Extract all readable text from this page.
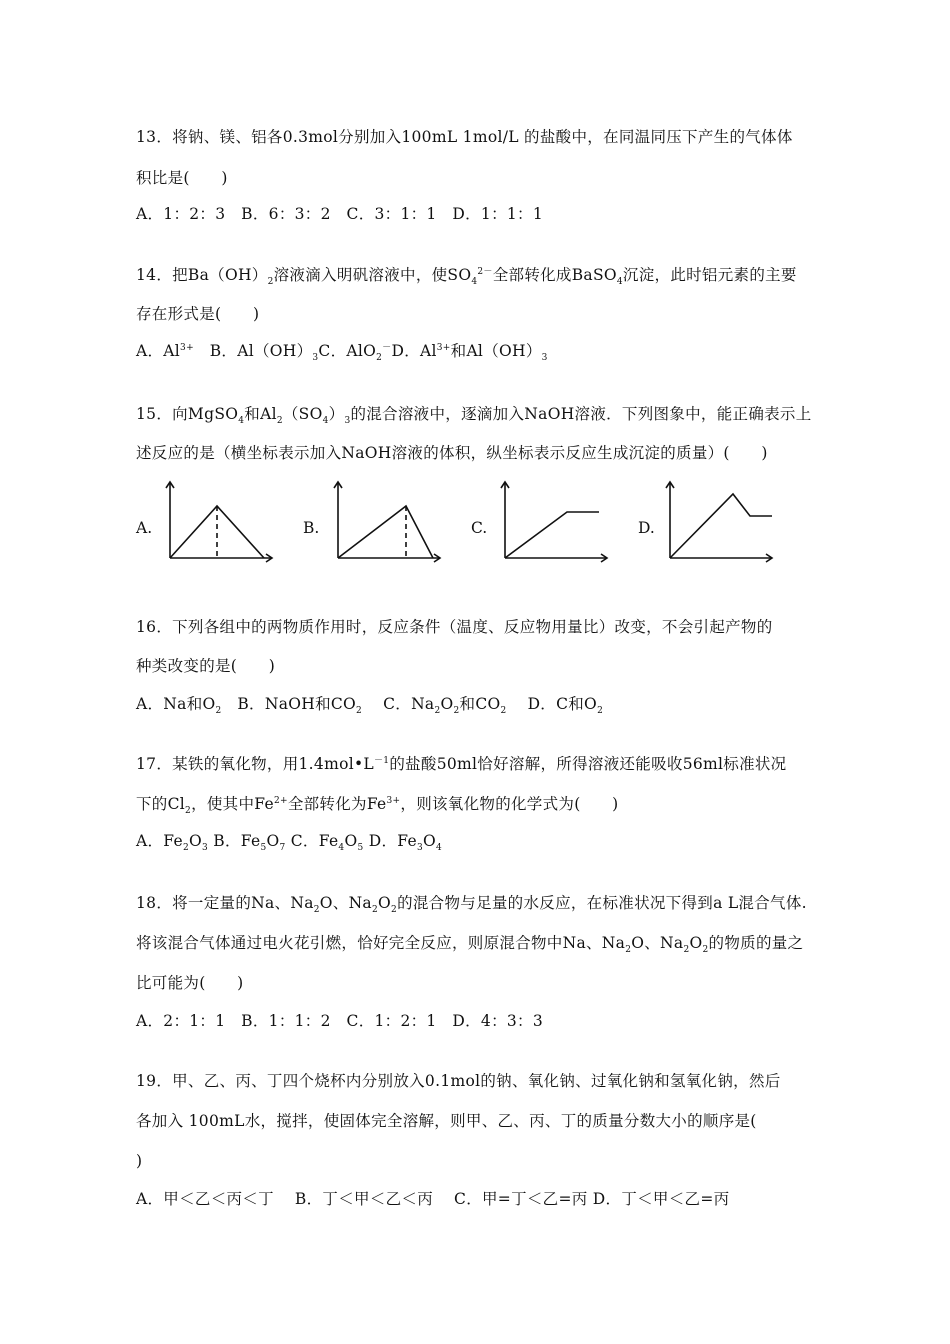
13．将钠、镁、铝各0.3mol分别加入100mL 1mol/L 的盐酸中，在同温同压下产生的气体体
积比是(　　)
A．1：2：3　B．6：3：2　C．3：1：1　D．1：1：1
14．把$Ba(OH)_2$溶液滴入明矾溶液中，使$SO_4^{2-}$全部转化成BaSO$_4$沉淀，此时铝元素的主要
存在形式是(　　)
A．$Al^{3+}$　B．$Al(OH)_3C$．AlO$_2$－D．$Al^{3+}$和$Al(OH)_3$
15．向MgSO$_4$和$Al_2(SO_4)_3$的混合溶液中，逐滴加入NaOH溶液．下列图象中，能正确表示上
述反应的是（横坐标表示加入NaOH溶液的体积，纵坐标表示反应生成沉淀的质量）(　　)
A.	B.	C.	D.
16．下列各组中的两物质作用时，反应条件（温度、反应物用量比）改变，不会引起产物的
种类改变的是(　　)
A．Na和$O_2$　B．NaOH和$CO_2$　 C．$Na_2O_2$和$CO_2$　 D．C和$O_2$
17．某铁的氧化物，用$1.4mol•L^{-1}$的盐酸50ml恰好溶解，所得溶液还能吸收56ml标准状况
下的$Cl_2$，使其中$Fe^{2+}$全部转化为$Fe^{3+}$，则该氧化物的化学式为(　　)
A．$Fe_2O_3$ B．$Fe_5O_7$ C．$Fe_4O_5$ D．$Fe_3O_4$
18．将一定量的Na、$Na_2O$、$Na_2O_2$的混合物与足量的水反应，在标准状况下得到a L混合气体.
将该混合气体通过电火花引燃，恰好完全反应，则原混合物中Na、$Na_2O$、$Na_2O_2$的物质的量之
比可能为(　　)
A．2：1：1　B．1：1：2　C．1：2：1　D．4：3：3
19．甲、乙、丙、丁四个烧杯内分别放入0.1mol的钠、氧化钠、过氧化钠和氢氧化钠，然后
各加入 100mL水，搅拌，使固体完全溶解，则甲、乙、丙、丁的质量分数大小的顺序是(
)
A．甲＜乙＜丙＜丁　 B．丁＜甲＜乙＜丙　 C．甲=丁＜乙=丙 D．丁＜甲＜乙=丙
